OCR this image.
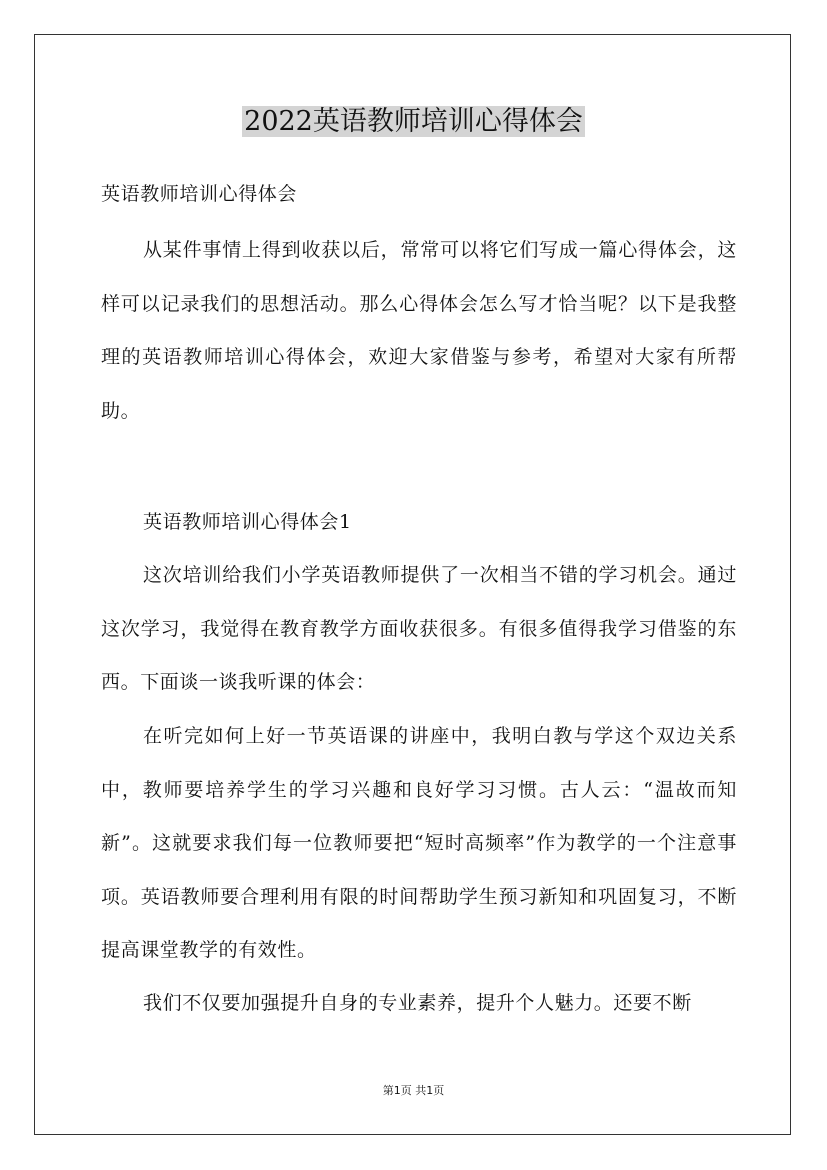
2022英语教师培训心得体会
英语教师培训心得体会

从某件事情上得到收获以后，常常可以将它们写成一篇心得体会，这样可以记录我们的思想活动。那么心得体会怎么写才恰当呢？以下是我整理的英语教师培训心得体会，欢迎大家借鉴与参考，希望对大家有所帮助。

英语教师培训心得体会1

这次培训给我们小学英语教师提供了一次相当不错的学习机会。通过这次学习，我觉得在教育教学方面收获很多。有很多值得我学习借鉴的东西。下面谈一谈我听课的体会：

在听完如何上好一节英语课的讲座中，我明白教与学这个双边关系中，教师要培养学生的学习兴趣和良好学习习惯。古人云：“温故而知新”。这就要求我们每一位教师要把“短时高频率”作为教学的一个注意事项。英语教师要合理利用有限的时间帮助学生预习新知和巩固复习，不断提高课堂教学的有效性。

我们不仅要加强提升自身的专业素养，提升个人魅力。还要不断

第1页 共1页
